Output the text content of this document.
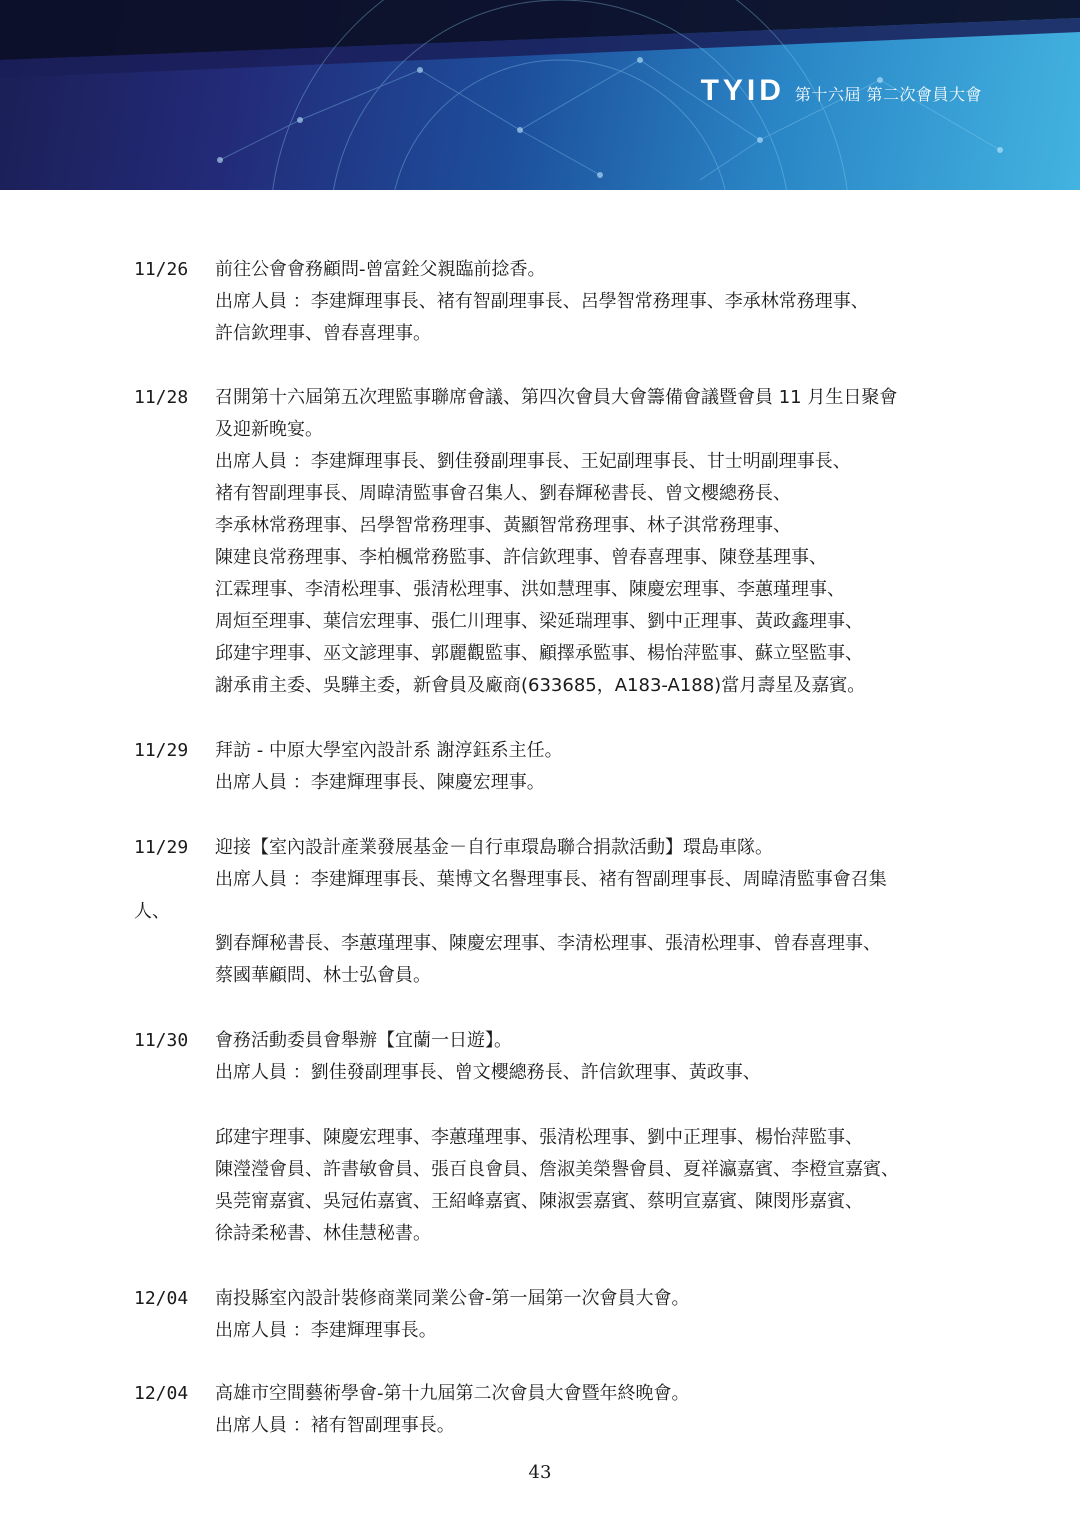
TYID 第十六屆 第二次會員大會
11/26 前往公會會務顧問-曾富銓父親臨前捻香。
出席人員 ：李建輝理事長、褚有智副理事長、呂學智常務理事、李承林常務理事、
許信欽理事、曾春喜理事。
11/28 召開第十六屆第五次理監事聯席會議、第四次會員大會籌備會議暨會員 11 月生日聚會
及迎新晚宴。
出席人員 ：李建輝理事長、劉佳發副理事長、王妃副理事長、甘士明副理事長、
褚有智副理事長、周暐清監事會召集人、劉春輝秘書長、曾文櫻總務長、
李承林常務理事、呂學智常務理事、黃顯智常務理事、林子淇常務理事、
陳建良常務理事、李柏楓常務監事、許信欽理事、曾春喜理事、陳登基理事、
江霖理事、李清松理事、張清松理事、洪如慧理事、陳慶宏理事、李蕙瑾理事、
周烜至理事、葉信宏理事、張仁川理事、梁延瑞理事、劉中正理事、黃政鑫理事、
邱建宇理事、巫文諺理事、郭麗觀監事、顧擇承監事、楊怡萍監事、蘇立堅監事、
謝承甫主委、吳驊主委，新會員及廠商(633685，A183-A188)當月壽星及嘉賓。
11/29 拜訪 - 中原大學室內設計系 謝淳鈺系主任。
出席人員 ：李建輝理事長、陳慶宏理事。
11/29 迎接【室內設計產業發展基金－自行車環島聯合捐款活動】環島車隊。
出席人員 ：李建輝理事長、葉博文名譽理事長、褚有智副理事長、周暐清監事會召集
人、
劉春輝秘書長、李蕙瑾理事、陳慶宏理事、李清松理事、張清松理事、曾春喜理事、
蔡國華顧問、林士弘會員。
11/30 會務活動委員會舉辦【宜蘭一日遊】。
出席人員 ：劉佳發副理事長、曾文櫻總務長、許信欽理事、黃政事、
邱建宇理事、陳慶宏理事、李蕙瑾理事、張清松理事、劉中正理事、楊怡萍監事、
陳瀅瀅會員、許書敏會員、張百良會員、詹淑美榮譽會員、夏祥瀛嘉賓、李橙宣嘉賓、
吳莞甯嘉賓、吳冠佑嘉賓、王紹峰嘉賓、陳淑雲嘉賓、蔡明宣嘉賓、陳閔彤嘉賓、
徐詩柔秘書、林佳慧秘書。
12/04 南投縣室內設計裝修商業同業公會-第一屆第一次會員大會。
出席人員 ：李建輝理事長。
12/04 高雄市空間藝術學會-第十九屆第二次會員大會暨年終晚會。
出席人員 ：褚有智副理事長。
43
